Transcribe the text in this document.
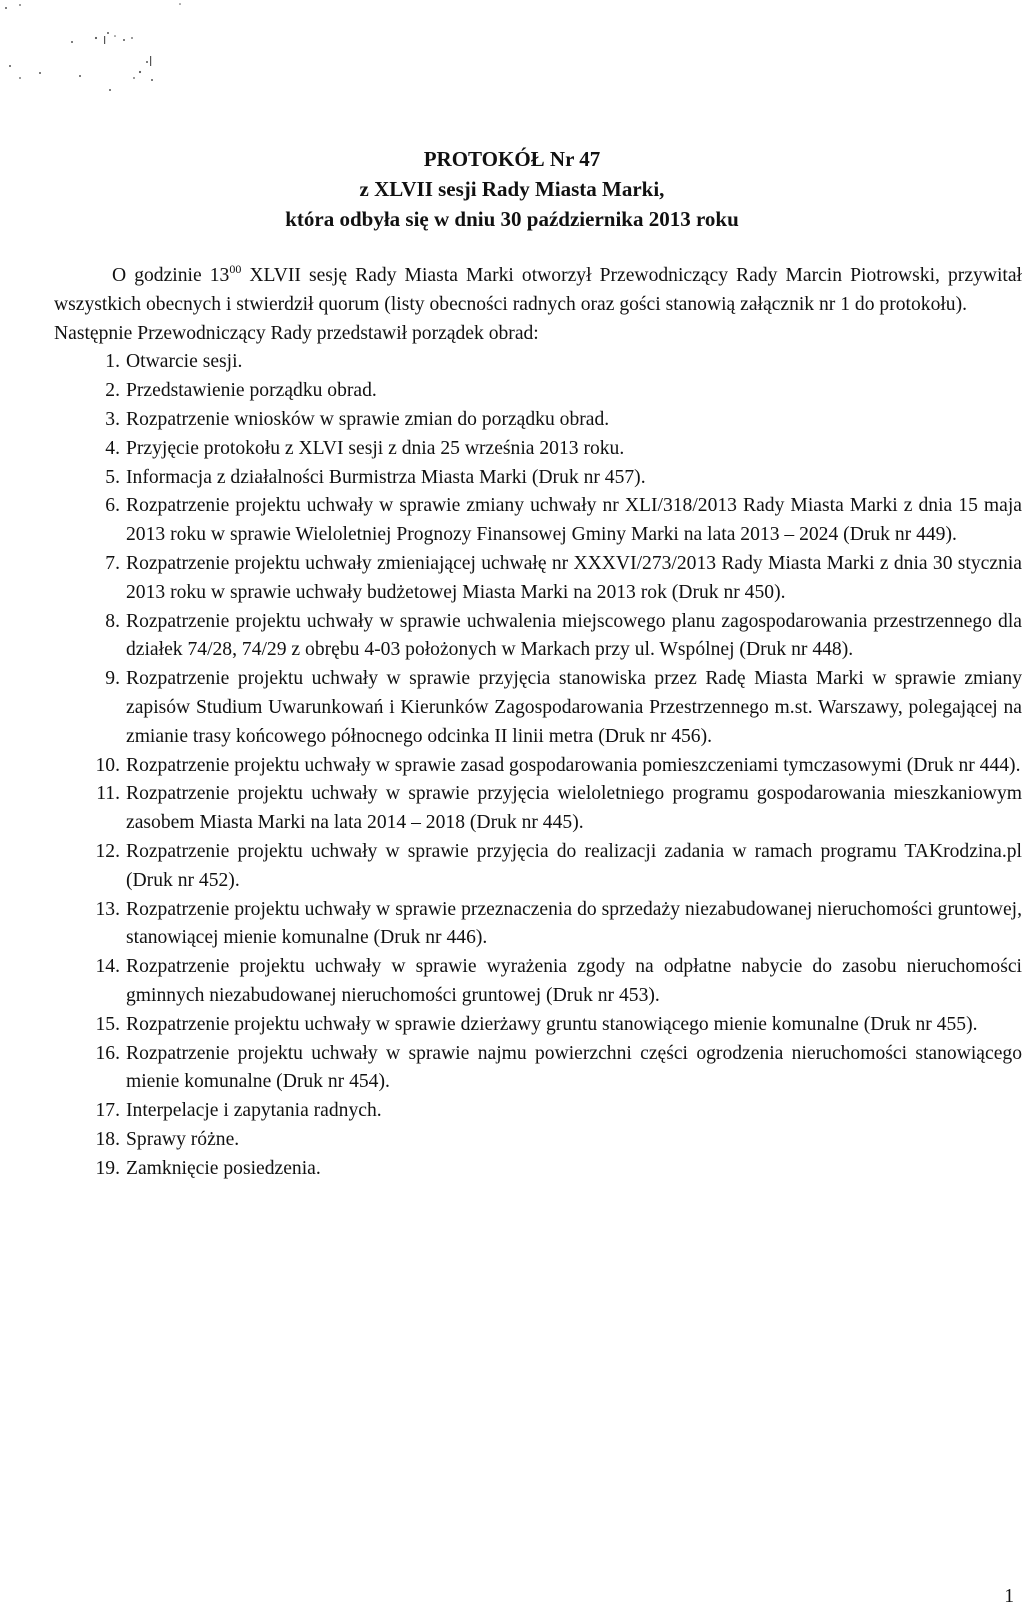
PROTOKÓŁ Nr 47
z XLVII sesji Rady Miasta Marki,
która odbyła się w dniu 30 października 2013 roku

O godzinie $13^{00}$ XLVII sesję Rady Miasta Marki otworzył Przewodniczący Rady Marcin Piotrowski, przywitał wszystkich obecnych i stwierdził quorum (listy obecności radnych oraz gości stanowią załącznik nr 1 do protokołu).

Następnie Przewodniczący Rady przedstawił porządek obrad:

1. Otwarcie sesji.
2. Przedstawienie porządku obrad.
3. Rozpatrzenie wniosków w sprawie zmian do porządku obrad.
4. Przyjęcie protokołu z XLVI sesji z dnia 25 września 2013 roku.
5. Informacja z działalności Burmistrza Miasta Marki (Druk nr 457).
6. Rozpatrzenie projektu uchwały w sprawie zmiany uchwały nr XLI/318/2013 Rady Miasta Marki z dnia 15 maja 2013 roku w sprawie Wieloletniej Prognozy Finansowej Gminy Marki na lata 2013 – 2024 (Druk nr 449).
7. Rozpatrzenie projektu uchwały zmieniającej uchwałę nr XXXVI/273/2013 Rady Miasta Marki z dnia 30 stycznia 2013 roku w sprawie uchwały budżetowej Miasta Marki na 2013 rok (Druk nr 450).
8. Rozpatrzenie projektu uchwały w sprawie uchwalenia miejscowego planu zagospodarowania przestrzennego dla działek 74/28, 74/29 z obrębu 4-03 położonych w Markach przy ul. Wspólnej (Druk nr 448).
9. Rozpatrzenie projektu uchwały w sprawie przyjęcia stanowiska przez Radę Miasta Marki w sprawie zmiany zapisów Studium Uwarunkowań i Kierunków Zagospodarowania Przestrzennego m.st. Warszawy, polegającej na zmianie trasy końcowego północnego odcinka II linii metra (Druk nr 456).
10. Rozpatrzenie projektu uchwały w sprawie zasad gospodarowania pomieszczeniami tymczasowymi (Druk nr 444).
11. Rozpatrzenie projektu uchwały w sprawie przyjęcia wieloletniego programu gospodarowania mieszkaniowym zasobem Miasta Marki na lata 2014 – 2018 (Druk nr 445).
12. Rozpatrzenie projektu uchwały w sprawie przyjęcia do realizacji zadania w ramach programu TAKrodzina.pl (Druk nr 452).
13. Rozpatrzenie projektu uchwały w sprawie przeznaczenia do sprzedaży niezabudowanej nieruchomości gruntowej, stanowiącej mienie komunalne (Druk nr 446).
14. Rozpatrzenie projektu uchwały w sprawie wyrażenia zgody na odpłatne nabycie do zasobu nieruchomości gminnych niezabudowanej nieruchomości gruntowej (Druk nr 453).
15. Rozpatrzenie projektu uchwały w sprawie dzierżawy gruntu stanowiącego mienie komunalne (Druk nr 455).
16. Rozpatrzenie projektu uchwały w sprawie najmu powierzchni części ogrodzenia nieruchomości stanowiącego mienie komunalne (Druk nr 454).
17. Interpelacje i zapytania radnych.
18. Sprawy różne.
19. Zamknięcie posiedzenia.
1
